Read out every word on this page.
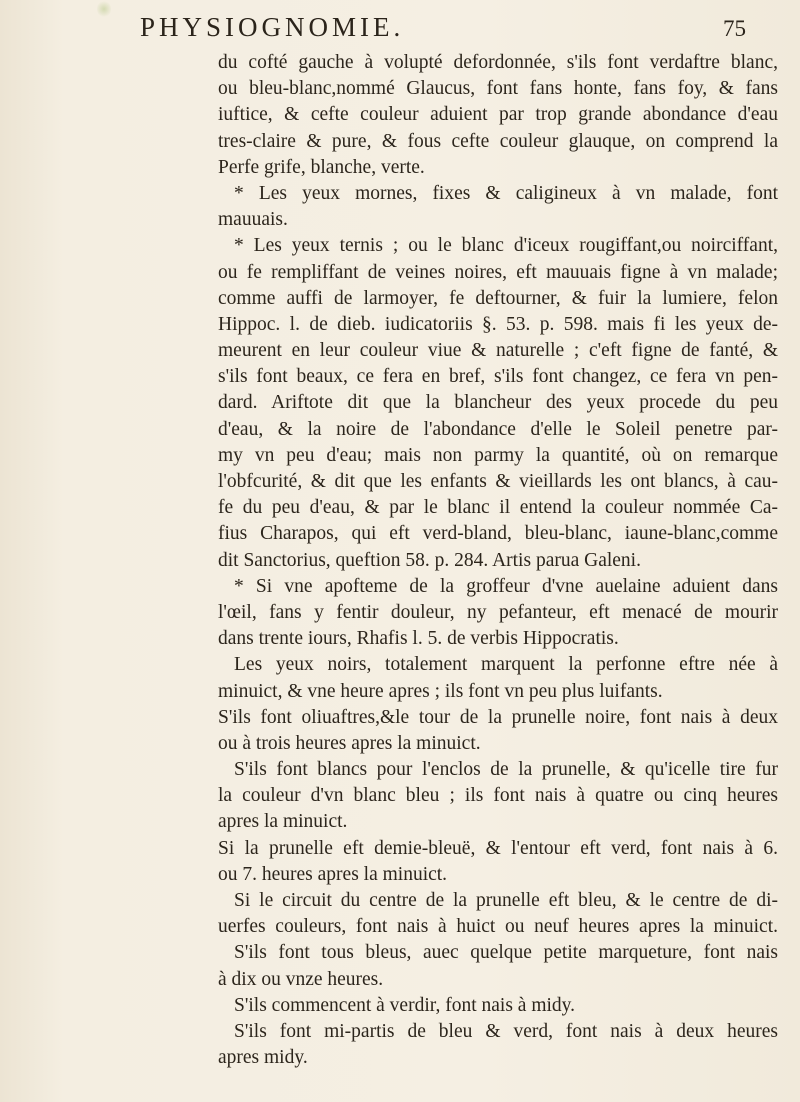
PHYSIOGNOMIE.	75
du cofté gauche à volupté defordonnée, s'ils font verdaftre blanc,
ou bleu-blanc,nommé Glaucus, font fans honte, fans foy, & fans
iuftice, & cefte couleur aduient par trop grande abondance d'eau
tres-claire & pure, & fous cefte couleur glauque, on comprend la
Perfe grife, blanche, verte.
* Les yeux mornes, fixes & caligineux à vn malade, font
mauuais.
* Les yeux ternis ; ou le blanc d'iceux rougiffant,ou noirciffant,
ou fe rempliffant de veines noires, eft mauuais figne à vn malade;
comme auffi de larmoyer, fe deftourner, & fuir la lumiere, felon
Hippoc. l. de dieb. iudicatoriis §. 53. p. 598. mais fi les yeux de-
meurent en leur couleur viue & naturelle ; c'eft figne de fanté, &
s'ils font beaux, ce fera en bref, s'ils font changez, ce fera vn pen-
dard. Ariftote dit que la blancheur des yeux procede du peu
d'eau, & la noire de l'abondance d'elle le Soleil penetre par-
my vn peu d'eau; mais non parmy la quantité, où on remarque
l'obfcurité, & dit que les enfants & vieillards les ont blancs, à cau-
fe du peu d'eau, & par le blanc il entend la couleur nommée Ca-
fius Charapos, qui eft verd-bland, bleu-blanc, iaune-blanc,comme
dit Sanctorius, queftion 58. p. 284. Artis parua Galeni.
* Si vne apofteme de la groffeur d'vne auelaine aduient dans
l'œil, fans y fentir douleur, ny pefanteur, eft menacé de mourir
dans trente iours, Rhafis l. 5. de verbis Hippocratis.
Les yeux noirs, totalement marquent la perfonne eftre née à
minuict, & vne heure apres ; ils font vn peu plus luifants.
S'ils font oliuaftres,&le tour de la prunelle noire, font nais à deux
ou à trois heures apres la minuict.
S'ils font blancs pour l'enclos de la prunelle, & qu'icelle tire fur
la couleur d'vn blanc bleu ; ils font nais à quatre ou cinq heures
apres la minuict.
Si la prunelle eft demie-bleuë, & l'entour eft verd, font nais à 6.
ou 7. heures apres la minuict.
Si le circuit du centre de la prunelle eft bleu, & le centre de di-
uerfes couleurs, font nais à huict ou neuf heures apres la minuict.
S'ils font tous bleus, auec quelque petite marqueture, font nais
à dix ou vnze heures.
S'ils commencent à verdir, font nais à midy.
S'ils font mi-partis de bleu & verd, font nais à deux heures
apres midy.
